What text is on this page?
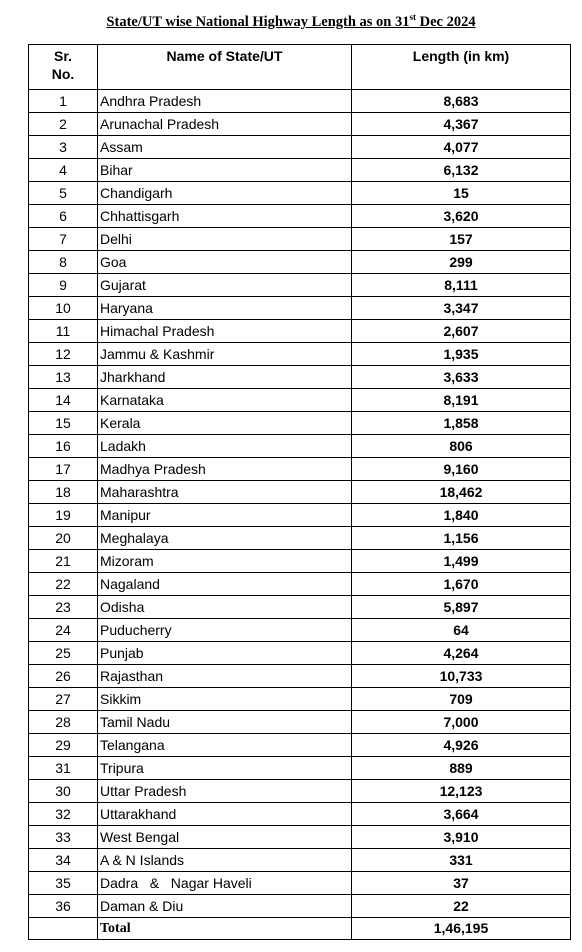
State/UT wise National Highway Length as on 31st Dec 2024
Sr.
No.	Name of State/UT	Length (in km)
1	Andhra Pradesh	8,683
2	Arunachal Pradesh	4,367
3	Assam	4,077
4	Bihar	6,132
5	Chandigarh	15
6	Chhattisgarh	3,620
7	Delhi	157
8	Goa	299
9	Gujarat	8,111
10	Haryana	3,347
11	Himachal Pradesh	2,607
12	Jammu & Kashmir	1,935
13	Jharkhand	3,633
14	Karnataka	8,191
15	Kerala	1,858
16	Ladakh	806
17	Madhya Pradesh	9,160
18	Maharashtra	18,462
19	Manipur	1,840
20	Meghalaya	1,156
21	Mizoram	1,499
22	Nagaland	1,670
23	Odisha	5,897
24	Puducherry	64
25	Punjab	4,264
26	Rajasthan	10,733
27	Sikkim	709
28	Tamil Nadu	7,000
29	Telangana	4,926
31	Tripura	889
30	Uttar Pradesh	12,123
32	Uttarakhand	3,664
33	West Bengal	3,910
34	A & N Islands	331
35	Dadra   &   Nagar Haveli	37
36	Daman & Diu	22
	Total	1,46,195
